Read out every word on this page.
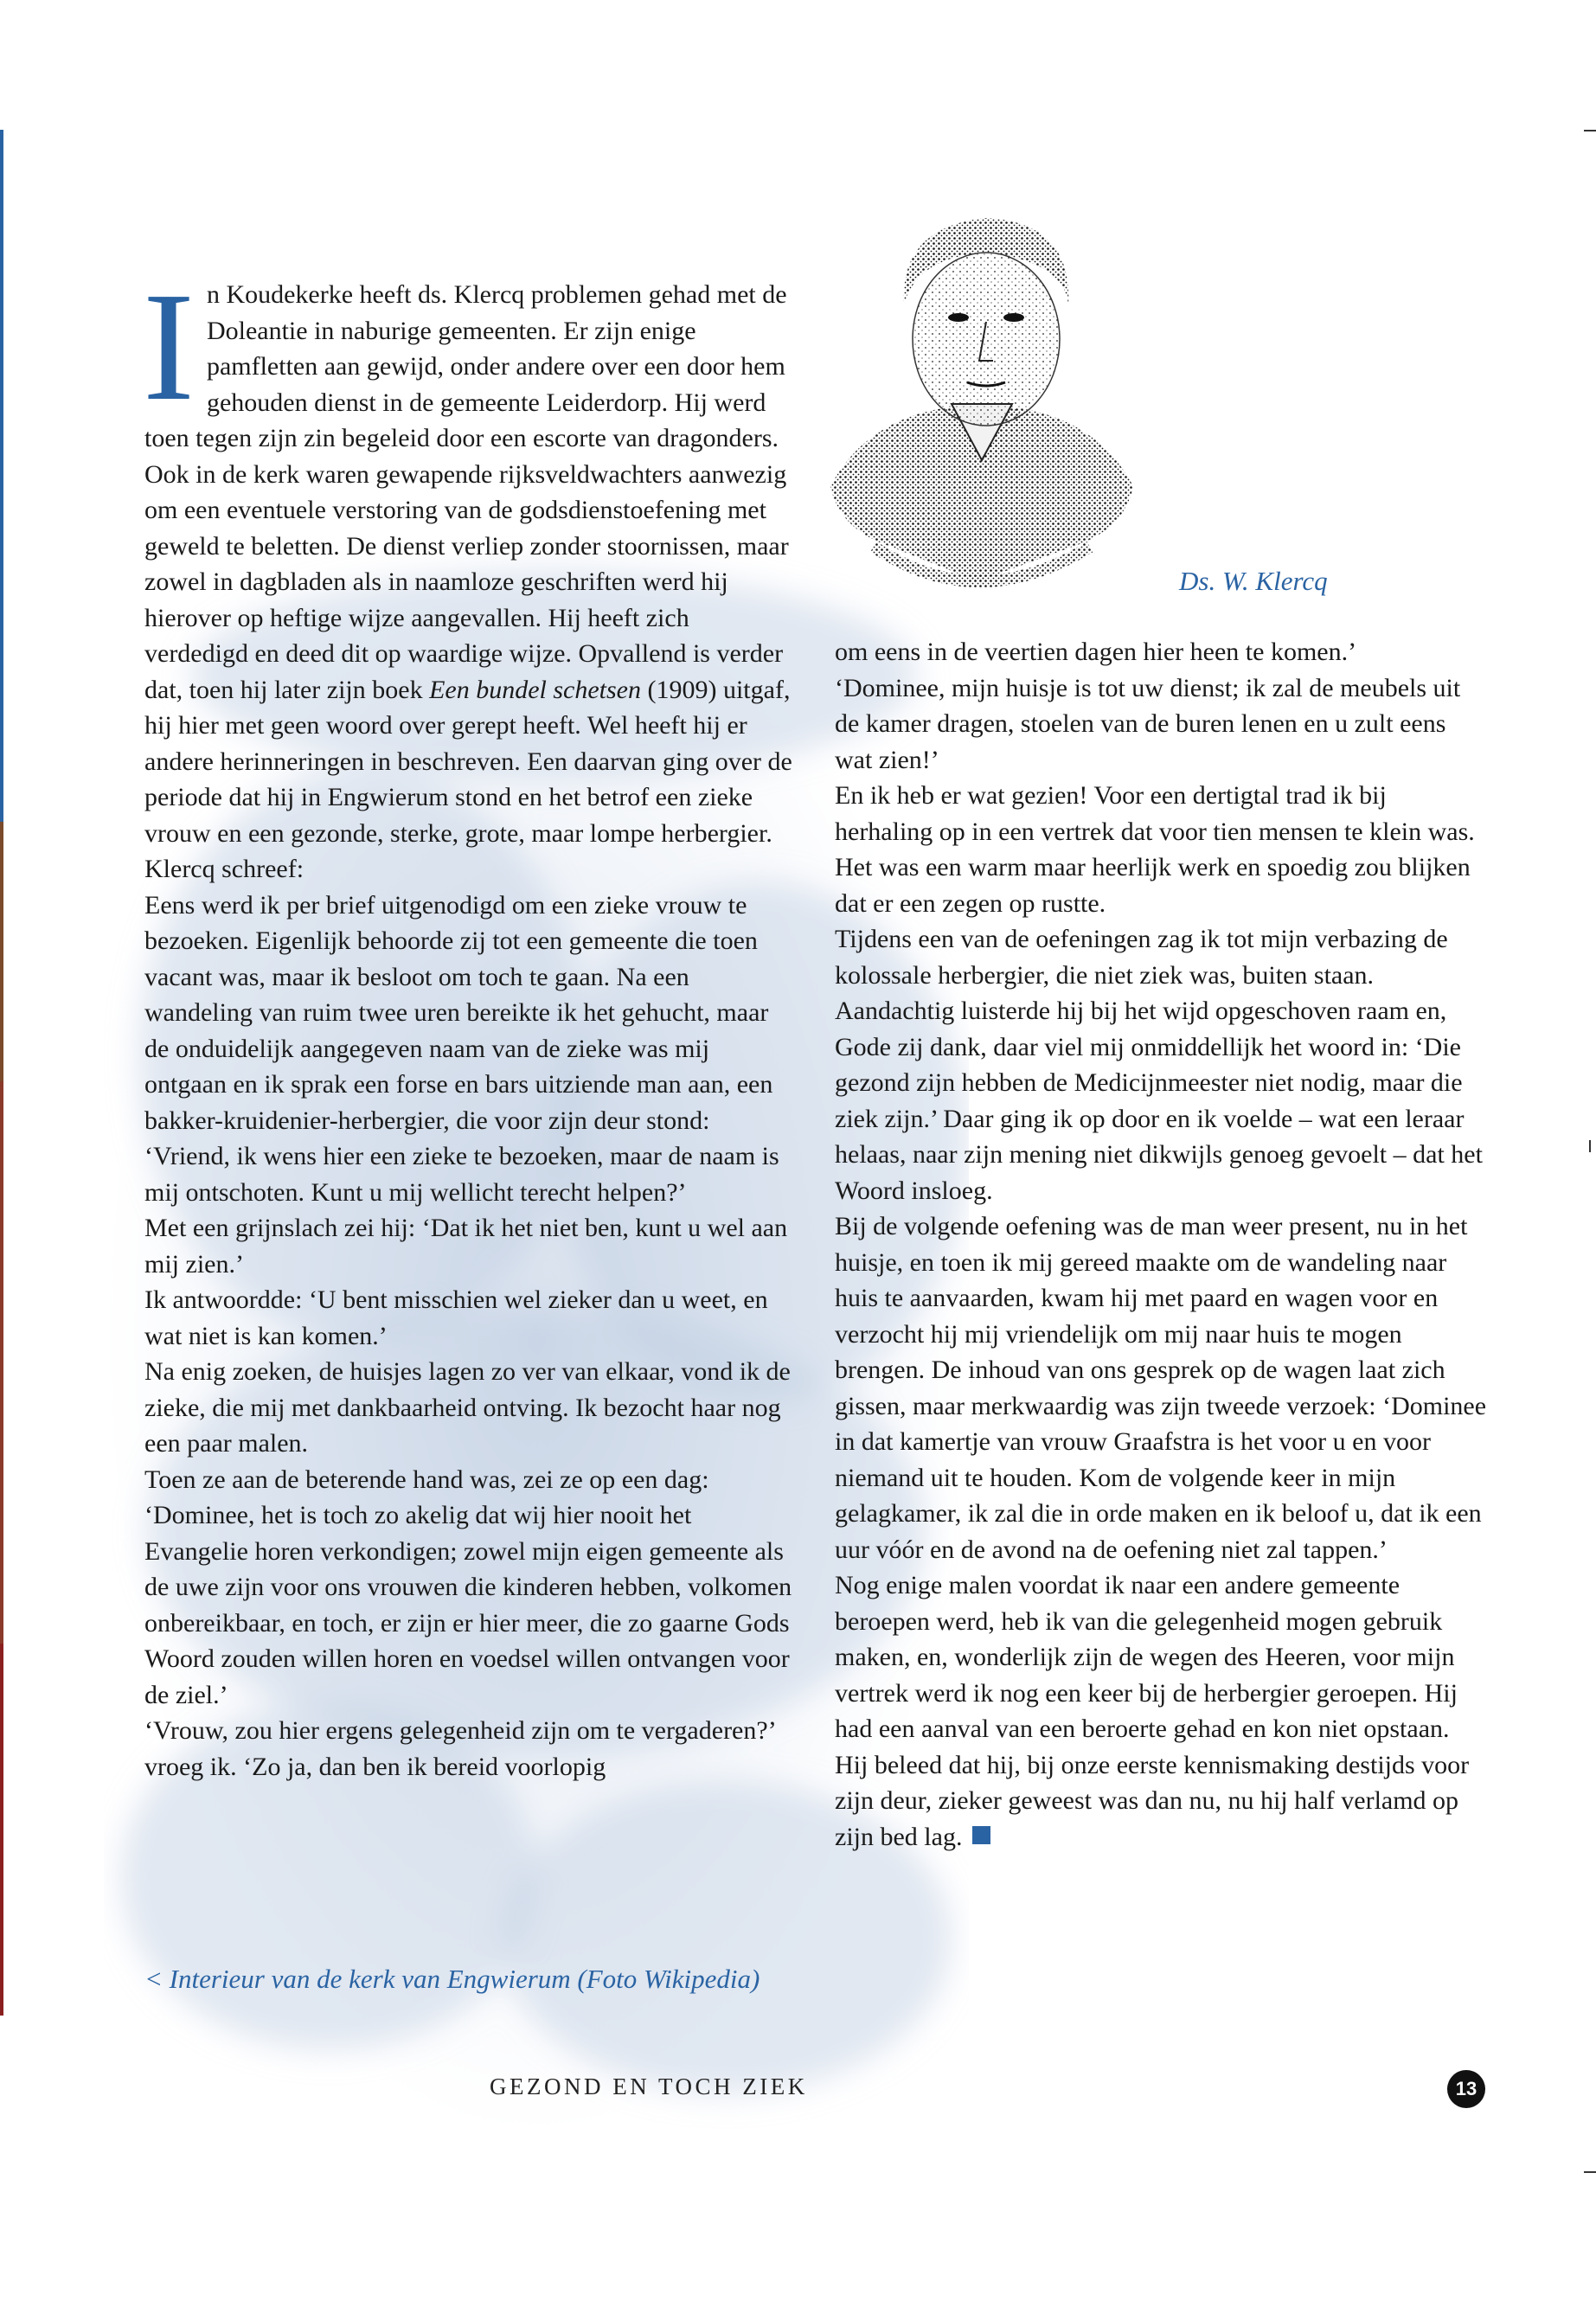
Ds. W. Klercq

In Koudekerke heeft ds. Klercq problemen gehad met de Doleantie in naburige gemeenten. Er zijn enige pamfletten aan gewijd, onder andere over een door hem gehouden dienst in de gemeente Leiderdorp. Hij werd toen tegen zijn zin begeleid door een escorte van dragonders. Ook in de kerk waren gewapende rijksveldwachters aanwezig om een eventuele verstoring van de godsdienstoefening met geweld te beletten. De dienst verliep zonder stoornissen, maar zowel in dagbladen als in naamloze geschriften werd hij hierover op heftige wijze aangevallen. Hij heeft zich verdedigd en deed dit op waardige wijze. Opvallend is verder dat, toen hij later zijn boek Een bundel schetsen (1909) uitgaf, hij hier met geen woord over gerept heeft. Wel heeft hij er andere herinneringen in beschreven. Een daarvan ging over de periode dat hij in Engwierum stond en het betrof een zieke vrouw en een gezonde, sterke, grote, maar lompe herbergier. Klercq schreef:

Eens werd ik per brief uitgenodigd om een zieke vrouw te bezoeken. Eigenlijk behoorde zij tot een gemeente die toen vacant was, maar ik besloot om toch te gaan. Na een wandeling van ruim twee uren bereikte ik het gehucht, maar de onduidelijk aangegeven naam van de zieke was mij ontgaan en ik sprak een forse en bars uitziende man aan, een bakker-kruidenier-herbergier, die voor zijn deur stond: ‘Vriend, ik wens hier een zieke te bezoeken, maar de naam is mij ontschoten. Kunt u mij wellicht terecht helpen?’

Met een grijnslach zei hij: ‘Dat ik het niet ben, kunt u wel aan mij zien.’

Ik antwoordde: ‘U bent misschien wel zieker dan u weet, en wat niet is kan komen.’

Na enig zoeken, de huisjes lagen zo ver van elkaar, vond ik de zieke, die mij met dankbaarheid ontving. Ik bezocht haar nog een paar malen.

Toen ze aan de beterende hand was, zei ze op een dag: ‘Dominee, het is toch zo akelig dat wij hier nooit het Evangelie horen verkondigen; zowel mijn eigen gemeente als de uwe zijn voor ons vrouwen die kinderen hebben, volkomen onbereikbaar, en toch, er zijn er hier meer, die zo gaarne Gods Woord zouden willen horen en voedsel willen ontvangen voor de ziel.’

‘Vrouw, zou hier ergens gelegenheid zijn om te vergaderen?’ vroeg ik. ‘Zo ja, dan ben ik bereid voorlopig

< Interieur van de kerk van Engwierum (Foto Wikipedia)

om eens in de veertien dagen hier heen te komen.’

‘Dominee, mijn huisje is tot uw dienst; ik zal de meubels uit de kamer dragen, stoelen van de buren lenen en u zult eens wat zien!’

En ik heb er wat gezien! Voor een dertigtal trad ik bij herhaling op in een vertrek dat voor tien mensen te klein was. Het was een warm maar heerlijk werk en spoedig zou blijken dat er een zegen op rustte.

Tijdens een van de oefeningen zag ik tot mijn verbazing de kolossale herbergier, die niet ziek was, buiten staan. Aandachtig luisterde hij bij het wijd opgeschoven raam en, Gode zij dank, daar viel mij onmiddellijk het woord in: ‘Die gezond zijn hebben de Medicijnmeester niet nodig, maar die ziek zijn.’ Daar ging ik op door en ik voelde – wat een leraar helaas, naar zijn mening niet dikwijls genoeg gevoelt – dat het Woord insloeg.

Bij de volgende oefening was de man weer present, nu in het huisje, en toen ik mij gereed maakte om de wandeling naar huis te aanvaarden, kwam hij met paard en wagen voor en verzocht hij mij vriendelijk om mij naar huis te mogen brengen. De inhoud van ons gesprek op de wagen laat zich gissen, maar merkwaardig was zijn tweede verzoek: ‘Dominee in dat kamertje van vrouw Graafstra is het voor u en voor niemand uit te houden. Kom de volgende keer in mijn gelagkamer, ik zal die in orde maken en ik beloof u, dat ik een uur vóór en de avond na de oefening niet zal tappen.’

Nog enige malen voordat ik naar een andere gemeente beroepen werd, heb ik van die gelegenheid mogen gebruik maken, en, wonderlijk zijn de wegen des Heeren, voor mijn vertrek werd ik nog een keer bij de herbergier geroepen. Hij had een aanval van een beroerte gehad en kon niet opstaan. Hij beleed dat hij, bij onze eerste kennismaking destijds voor zijn deur, zieker geweest was dan nu, nu hij half verlamd op zijn bed lag.

GEZOND EN TOCH ZIEK	13
